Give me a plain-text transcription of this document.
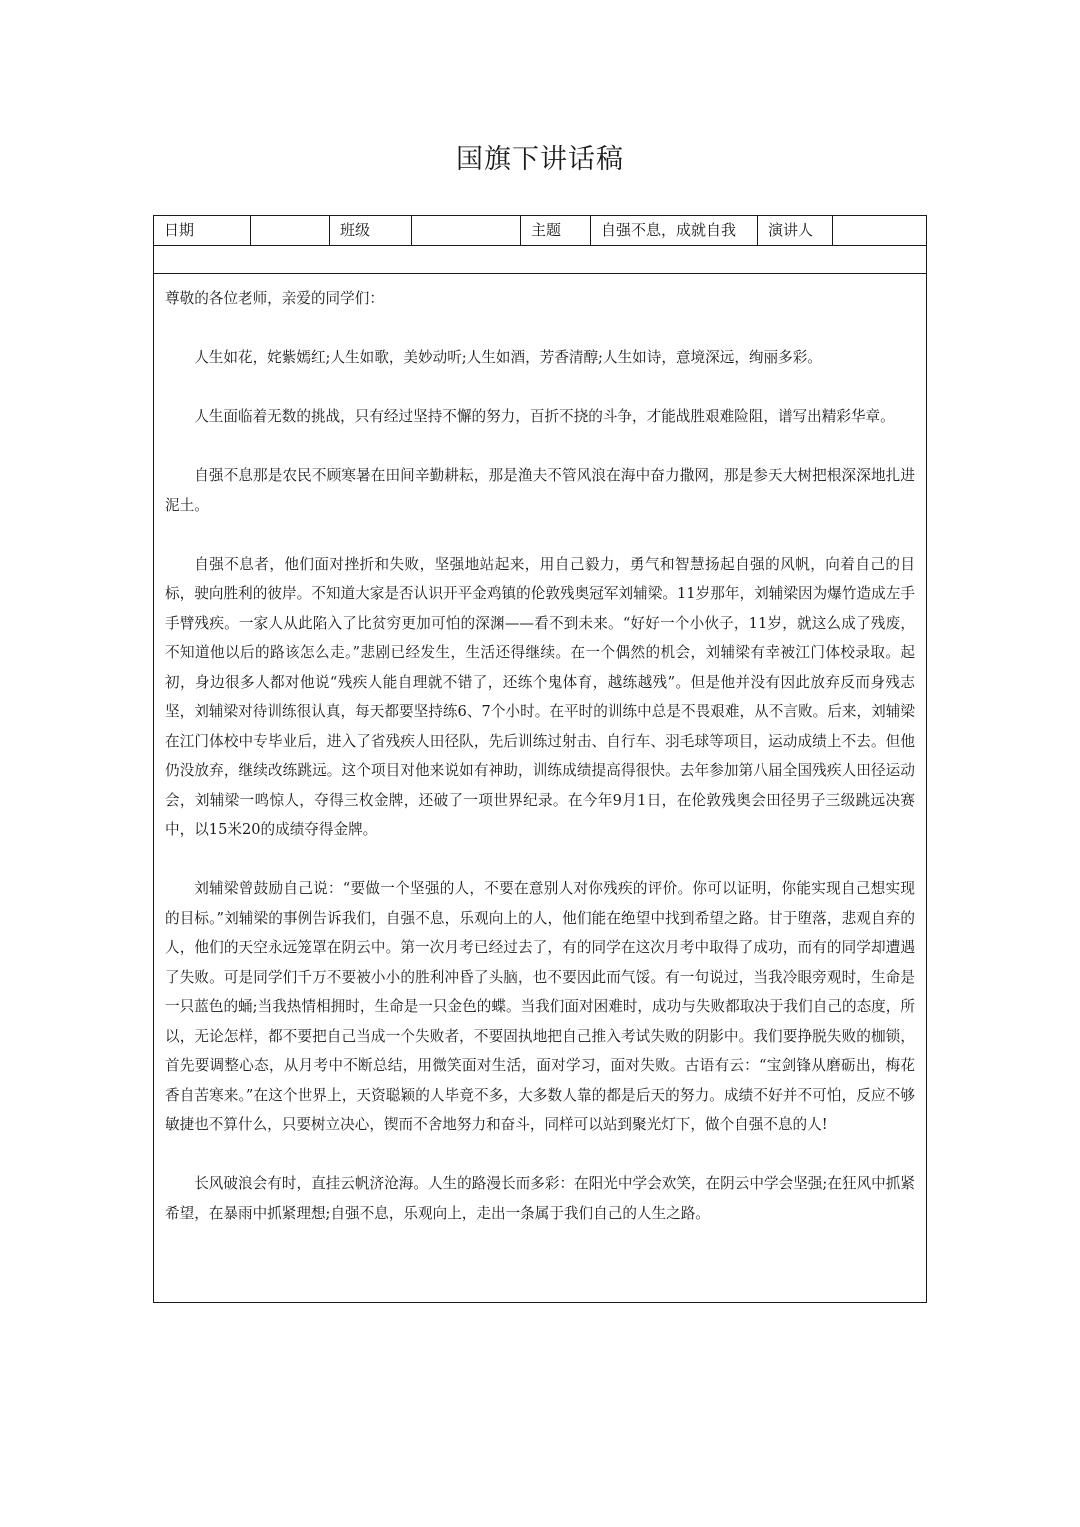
国旗下讲话稿
日期	班级	主题	自强不息，成就自我	演讲人

尊敬的各位老师，亲爱的同学们：

人生如花，姹紫嫣红;人生如歌，美妙动听;人生如酒，芳香清醇;人生如诗，意境深远，绚丽多彩。

人生面临着无数的挑战，只有经过坚持不懈的努力，百折不挠的斗争，才能战胜艰难险阻，谱写出精彩华章。

自强不息那是农民不顾寒暑在田间辛勤耕耘，那是渔夫不管风浪在海中奋力撒网，那是参天大树把根深深地扎进泥土。

自强不息者，他们面对挫折和失败，坚强地站起来，用自己毅力，勇气和智慧扬起自强的风帆，向着自己的目标，驶向胜利的彼岸。不知道大家是否认识开平金鸡镇的伦敦残奥冠军刘辅梁。11岁那年，刘辅梁因为爆竹造成左手手臂残疾。一家人从此陷入了比贫穷更加可怕的深渊——看不到未来。“好好一个小伙子，11岁，就这么成了残废，不知道他以后的路该怎么走。”悲剧已经发生，生活还得继续。在一个偶然的机会，刘辅梁有幸被江门体校录取。起初，身边很多人都对他说“残疾人能自理就不错了，还练个鬼体育，越练越残”。但是他并没有因此放弃反而身残志坚，刘辅梁对待训练很认真，每天都要坚持练6、7个小时。在平时的训练中总是不畏艰难，从不言败。后来，刘辅梁在江门体校中专毕业后，进入了省残疾人田径队，先后训练过射击、自行车、羽毛球等项目，运动成绩上不去。但他仍没放弃，继续改练跳远。这个项目对他来说如有神助，训练成绩提高得很快。去年参加第八届全国残疾人田径运动会，刘辅梁一鸣惊人，夺得三枚金牌，还破了一项世界纪录。在今年9月1日，在伦敦残奥会田径男子三级跳远决赛中，以15米20的成绩夺得金牌。

刘辅梁曾鼓励自己说：“要做一个坚强的人，不要在意别人对你残疾的评价。你可以证明，你能实现自己想实现的目标。”刘辅梁的事例告诉我们，自强不息，乐观向上的人，他们能在绝望中找到希望之路。甘于堕落，悲观自弃的人，他们的天空永远笼罩在阴云中。第一次月考已经过去了，有的同学在这次月考中取得了成功，而有的同学却遭遇了失败。可是同学们千万不要被小小的胜利冲昏了头脑，也不要因此而气馁。有一句说过，当我冷眼旁观时，生命是一只蓝色的蛹;当我热情相拥时，生命是一只金色的蝶。当我们面对困难时，成功与失败都取决于我们自己的态度，所以，无论怎样，都不要把自己当成一个失败者，不要固执地把自己推入考试失败的阴影中。我们要挣脱失败的枷锁，首先要调整心态，从月考中不断总结，用微笑面对生活，面对学习，面对失败。古语有云：“宝剑锋从磨砺出，梅花香自苦寒来。”在这个世界上，天资聪颖的人毕竟不多，大多数人靠的都是后天的努力。成绩不好并不可怕，反应不够敏捷也不算什么，只要树立决心，锲而不舍地努力和奋斗，同样可以站到聚光灯下，做个自强不息的人!

长风破浪会有时，直挂云帆济沧海。人生的路漫长而多彩：在阳光中学会欢笑，在阴云中学会坚强;在狂风中抓紧希望，在暴雨中抓紧理想;自强不息，乐观向上，走出一条属于我们自己的人生之路。
